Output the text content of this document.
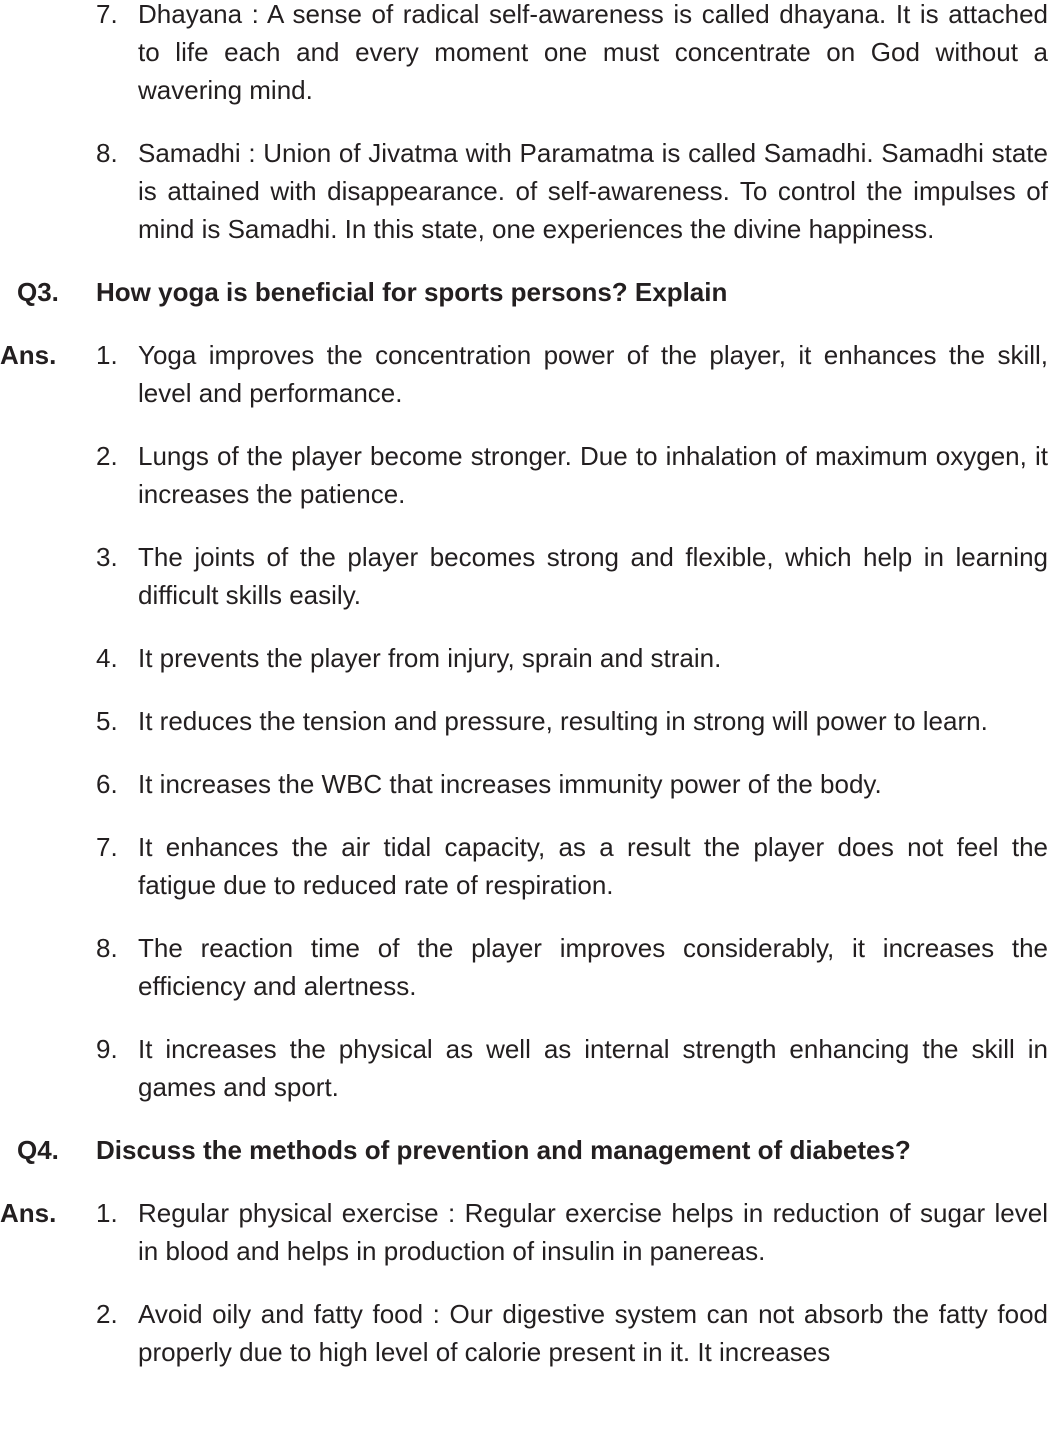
7. Dhayana : A sense of radical self-awareness is called dhayana. It is attached to life each and every moment one must concentrate on God without a wavering mind.
8. Samadhi : Union of Jivatma with Paramatma is called Samadhi. Samadhi state is attained with disappearance. of self-awareness. To control the impulses of mind is Samadhi. In this state, one experiences the divine happiness.
Q3. How yoga is beneficial for sports persons? Explain
Ans. 1. Yoga improves the concentration power of the player, it enhances the skill, level and performance.
2. Lungs of the player become stronger. Due to inhalation of maximum oxygen, it increases the patience.
3. The joints of the player becomes strong and flexible, which help in learning difficult skills easily.
4. It prevents the player from injury, sprain and strain.
5. It reduces the tension and pressure, resulting in strong will power to learn.
6. It increases the WBC that increases immunity power of the body.
7. It enhances the air tidal capacity, as a result the player does not feel the fatigue due to reduced rate of respiration.
8. The reaction time of the player improves considerably, it increases the efficiency and alertness.
9. It increases the physical as well as internal strength enhancing the skill in games and sport.
Q4. Discuss the methods of prevention and management of diabetes?
Ans. 1. Regular physical exercise : Regular exercise helps in reduction of sugar level in blood and helps in production of insulin in panereas.
2. Avoid oily and fatty food : Our digestive system can not absorb the fatty food properly due to high level of calorie present in it. It increases
